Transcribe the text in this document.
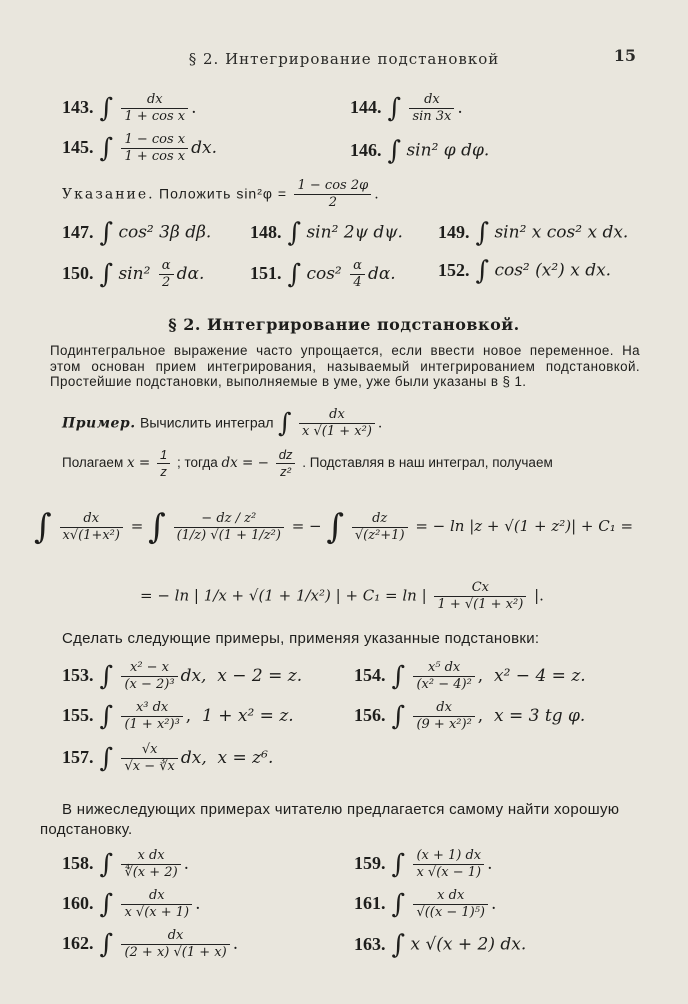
§ 2. Интегрирование подстановкой	15
143. ∫ $\frac{dx}{\text{1 + cos x}}$ .	144. ∫ $\frac{dx}{\sin 3x}$ .
145. ∫ $\frac{\text{1 − cos x}}{\text{1 + cos x}}$ dx.	146. ∫ sin² φ dφ.
Указание. Положить $\sin^2\varphi = \frac{1 - \cos 2\varphi}{2}$ .
147. ∫ cos² 3β dβ. 148. ∫ sin² 2ψ dψ. 149. ∫ sin² x cos² x dx.
150. ∫ $\sin^2 \frac{\alpha}{2} d\alpha$.	151. ∫ $\cos^2 \frac{\alpha}{4} d\alpha$. 152. ∫ cos² (x²) x dx.
§ 2. Интегрирование подстановкой.
Подинтегральное выражение часто упрощается, если ввести новое переменное. На этом основан прием интегрирования, называемый интегрированием подстановкой. Простейшие подстановки, выполняемые в уме, уже были указаны в § 1.
Пример. Вычислить интеграл ∫ $\frac{dx}{\text{x √(1 + x²)}}$ .
Полагаем $x = \frac{1}{z}$ ; тогда dx = − $\frac{dz}{\text{z²}}$ . Подставляя в наш интеграл, получаем
∫ $\frac{dx}{\text{x√(1+x²)}}$ = ∫ $\frac{\text{− dz / z²}}{\text{(1/z) √(1 + 1/z²)}}$ = − ∫ $\frac{dz}{\text{√(z²+1)}}$ = − ln |z + √(1 + z²)| + C₁ =
= − ln | 1/x + √(1 + 1/x²) | + C₁ = ln | $\frac{Cx}{\text{1 + √(1 + x²)}}$ |.
Сделать следующие примеры, применяя указанные подстановки:
153. ∫ $\frac{\text{x² − x}}{\text{(x − 2)³}}$ dx, x − 2 = z.	154. ∫ $\frac{\text{x⁵ dx}}{\text{(x² − 4)²}}$ , x² − 4 = z.
155. ∫ $\frac{\text{x³ dx}}{\text{(1 + x²)³}}$ , 1 + x² = z.	156. ∫ $\frac{dx}{\text{(9 + x²)²}}$ , x = 3 tg φ.
157. ∫ $\frac{√x}{√x - ∛x}$ dx, x = z⁶.
В нижеследующих примерах читателю предлагается самому найти хорошую подстановку.
158. ∫ $\frac{\text{x dx}}{∜(x + 2)}$ .	159. ∫ $\frac{(x + 1) dx}{x √(x - 1)}$ .
160. ∫ $\frac{dx}{x √(x + 1)}$ .	161. ∫ $\frac{\text{x dx}}{\text{√((x − 1)⁵)}}$ .
162. ∫ $\frac{dx}{(2 + x) √(1 + x)}$ .	163. ∫ x √(x + 2) dx.
